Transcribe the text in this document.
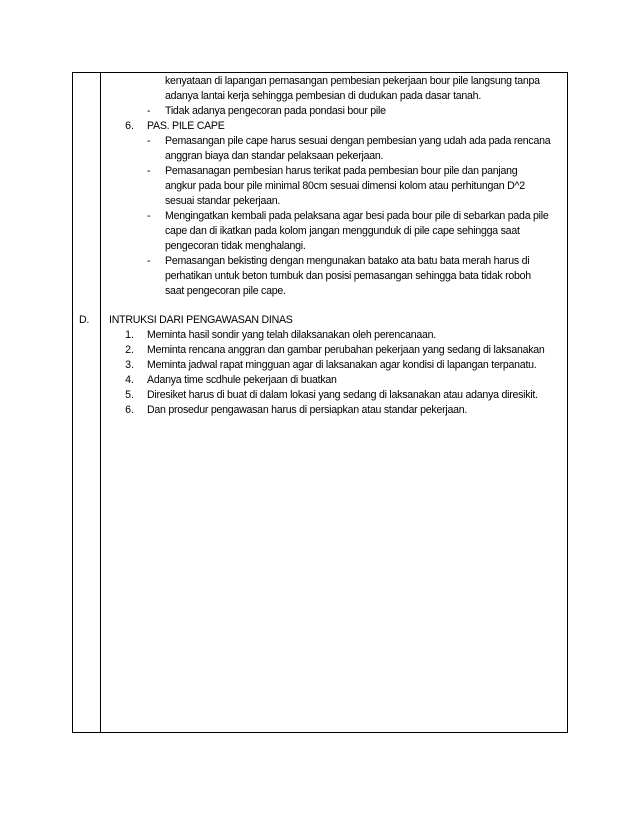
kenyataan di lapangan pemasangan pembesian pekerjaan bour pile langsung tanpa
adanya lantai kerja sehingga pembesian di dudukan pada dasar tanah.
- Tidak adanya pengecoran pada pondasi bour pile
6. PAS. PILE CAPE
- Pemasangan pile cape harus sesuai dengan pembesian yang udah ada pada rencana
anggran biaya dan standar pelaksaan pekerjaan.
- Pemasanagan pembesian harus terikat pada pembesian bour pile dan panjang
angkur pada bour pile minimal 80cm sesuai dimensi kolom atau perhitungan D^2
sesuai standar pekerjaan.
- Mengingatkan kembali pada pelaksana agar besi pada bour pile di sebarkan pada pile
cape dan di ikatkan pada kolom jangan menggunduk di pile cape sehingga saat
pengecoran tidak menghalangi.
- Pemasangan bekisting dengan mengunakan batako ata batu bata merah harus di
perhatikan untuk beton tumbuk dan posisi pemasangan sehingga bata tidak roboh
saat pengecoran pile cape.
D. INTRUKSI DARI PENGAWASAN DINAS
1. Meminta hasil sondir yang telah dilaksanakan oleh perencanaan.
2. Meminta rencana anggran dan gambar perubahan pekerjaan yang sedang di laksanakan
3. Meminta jadwal rapat mingguan agar di laksanakan agar kondisi di lapangan terpanatu.
4. Adanya time scdhule pekerjaan di buatkan
5. Diresiket harus di buat di dalam lokasi yang sedang di laksanakan atau adanya diresikit.
6. Dan prosedur pengawasan harus di persiapkan atau standar pekerjaan.
